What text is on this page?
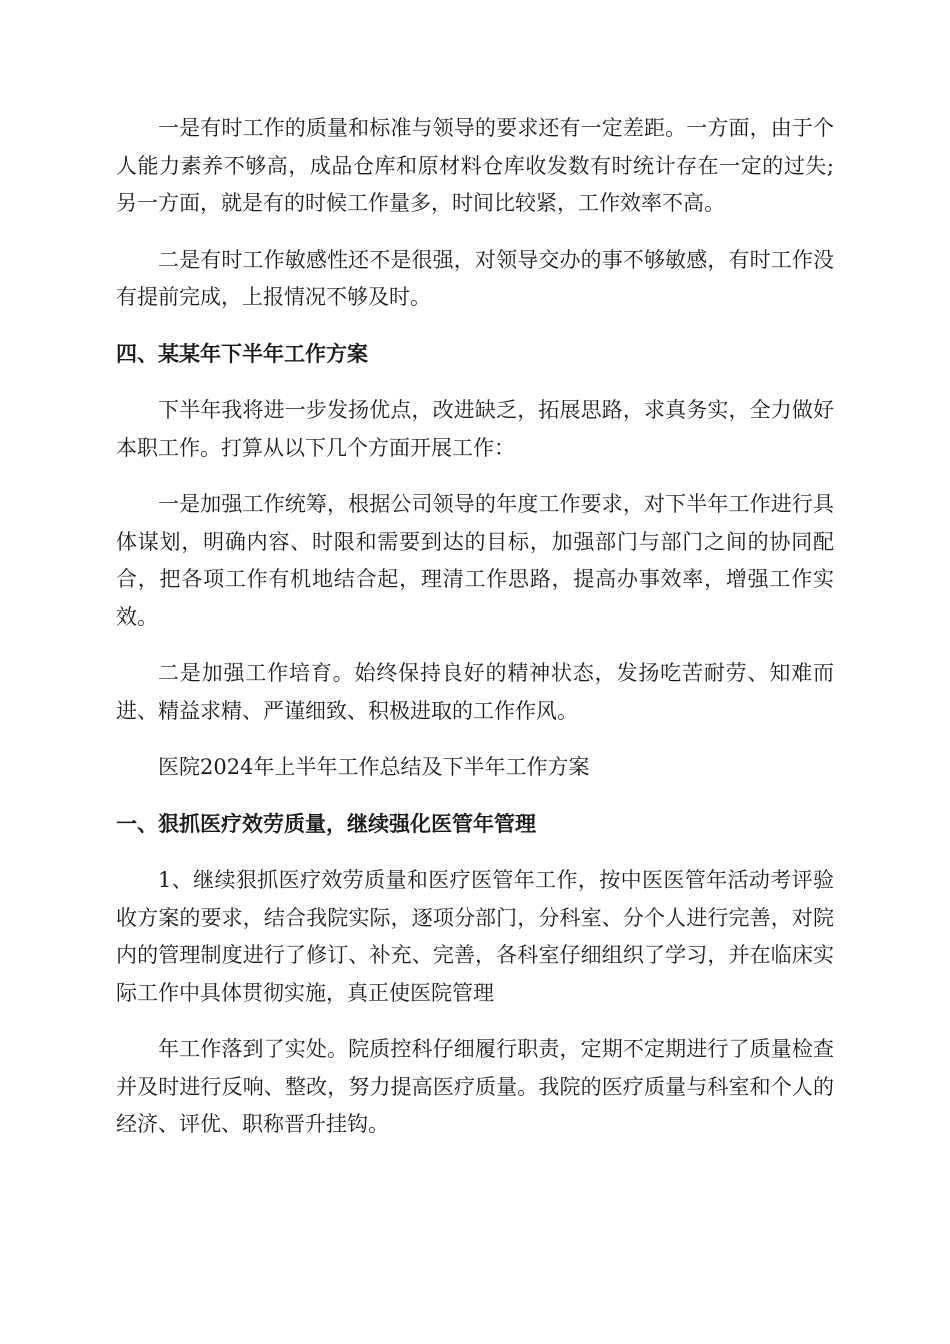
一是有时工作的质量和标准与领导的要求还有一定差距。一方面，由于个人能力素养不够高，成品仓库和原材料仓库收发数有时统计存在一定的过失;另一方面，就是有的时候工作量多，时间比较紧，工作效率不高。

二是有时工作敏感性还不是很强，对领导交办的事不够敏感，有时工作没有提前完成，上报情况不够及时。

四、某某年下半年工作方案

下半年我将进一步发扬优点，改进缺乏，拓展思路，求真务实，全力做好本职工作。打算从以下几个方面开展工作：

一是加强工作统筹，根据公司领导的年度工作要求，对下半年工作进行具体谋划，明确内容、时限和需要到达的目标，加强部门与部门之间的协同配合，把各项工作有机地结合起，理清工作思路，提高办事效率，增强工作实效。

二是加强工作培育。始终保持良好的精神状态，发扬吃苦耐劳、知难而进、精益求精、严谨细致、积极进取的工作作风。

医院2024年上半年工作总结及下半年工作方案

一、狠抓医疗效劳质量，继续强化医管年管理

1、继续狠抓医疗效劳质量和医疗医管年工作，按中医医管年活动考评验收方案的要求，结合我院实际，逐项分部门，分科室、分个人进行完善，对院内的管理制度进行了修订、补充、完善，各科室仔细组织了学习，并在临床实际工作中具体贯彻实施，真正使医院管理

年工作落到了实处。院质控科仔细履行职责，定期不定期进行了质量检查并及时进行反响、整改，努力提高医疗质量。我院的医疗质量与科室和个人的经济、评优、职称晋升挂钩。
